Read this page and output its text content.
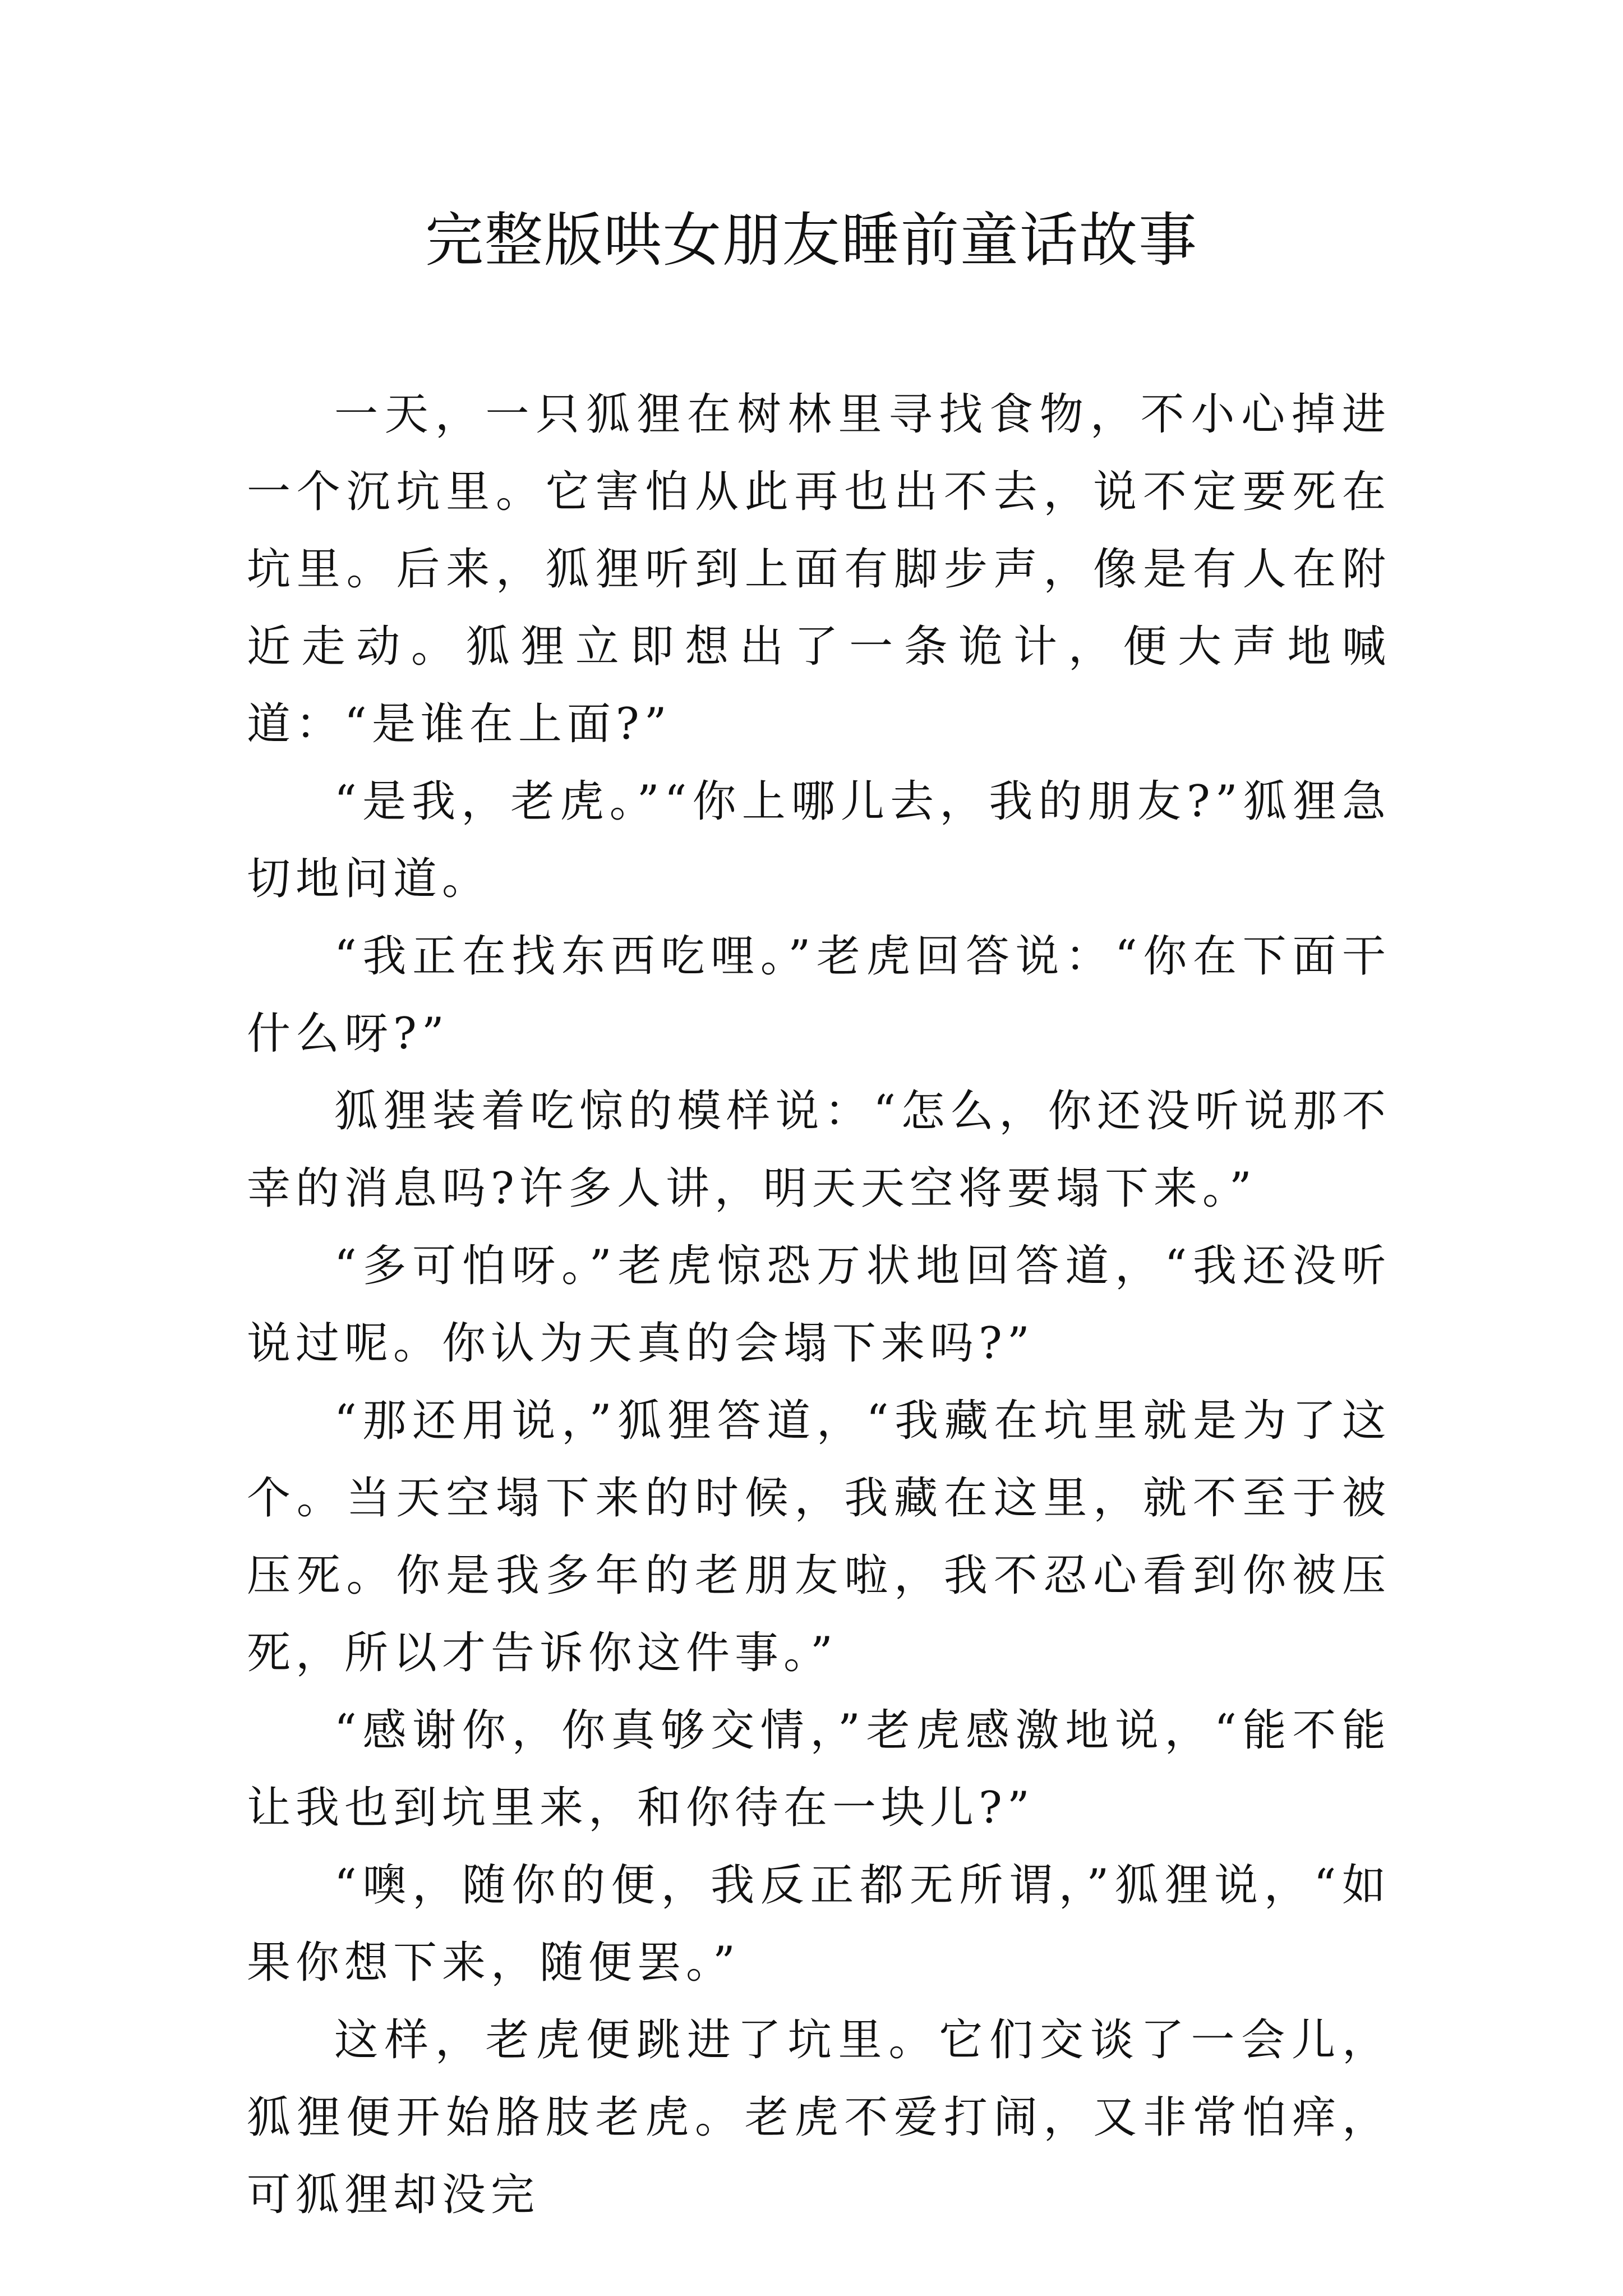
完整版哄女朋友睡前童话故事

一天，一只狐狸在树林里寻找食物，不小心掉进一个沉坑里。它害怕从此再也出不去，说不定要死在坑里。后来，狐狸听到上面有脚步声，像是有人在附近走动。狐狸立即想出了一条诡计，便大声地喊道：“是谁在上面?”

“是我，老虎。”“你上哪儿去，我的朋友?”狐狸急切地问道。

“我正在找东西吃哩。”老虎回答说：“你在下面干什么呀?”

狐狸装着吃惊的模样说：“怎么，你还没听说那不幸的消息吗?许多人讲，明天天空将要塌下来。”

“多可怕呀。”老虎惊恐万状地回答道，“我还没听说过呢。你认为天真的会塌下来吗?”

“那还用说，”狐狸答道，“我藏在坑里就是为了这个。当天空塌下来的时候，我藏在这里，就不至于被压死。你是我多年的老朋友啦，我不忍心看到你被压死，所以才告诉你这件事。”

“感谢你，你真够交情，”老虎感激地说，“能不能让我也到坑里来，和你待在一块儿?”

“噢，随你的便，我反正都无所谓，”狐狸说，“如果你想下来，随便罢。”

这样，老虎便跳进了坑里。它们交谈了一会儿，狐狸便开始胳肢老虎。老虎不爱打闹，又非常怕痒，可狐狸却没完
